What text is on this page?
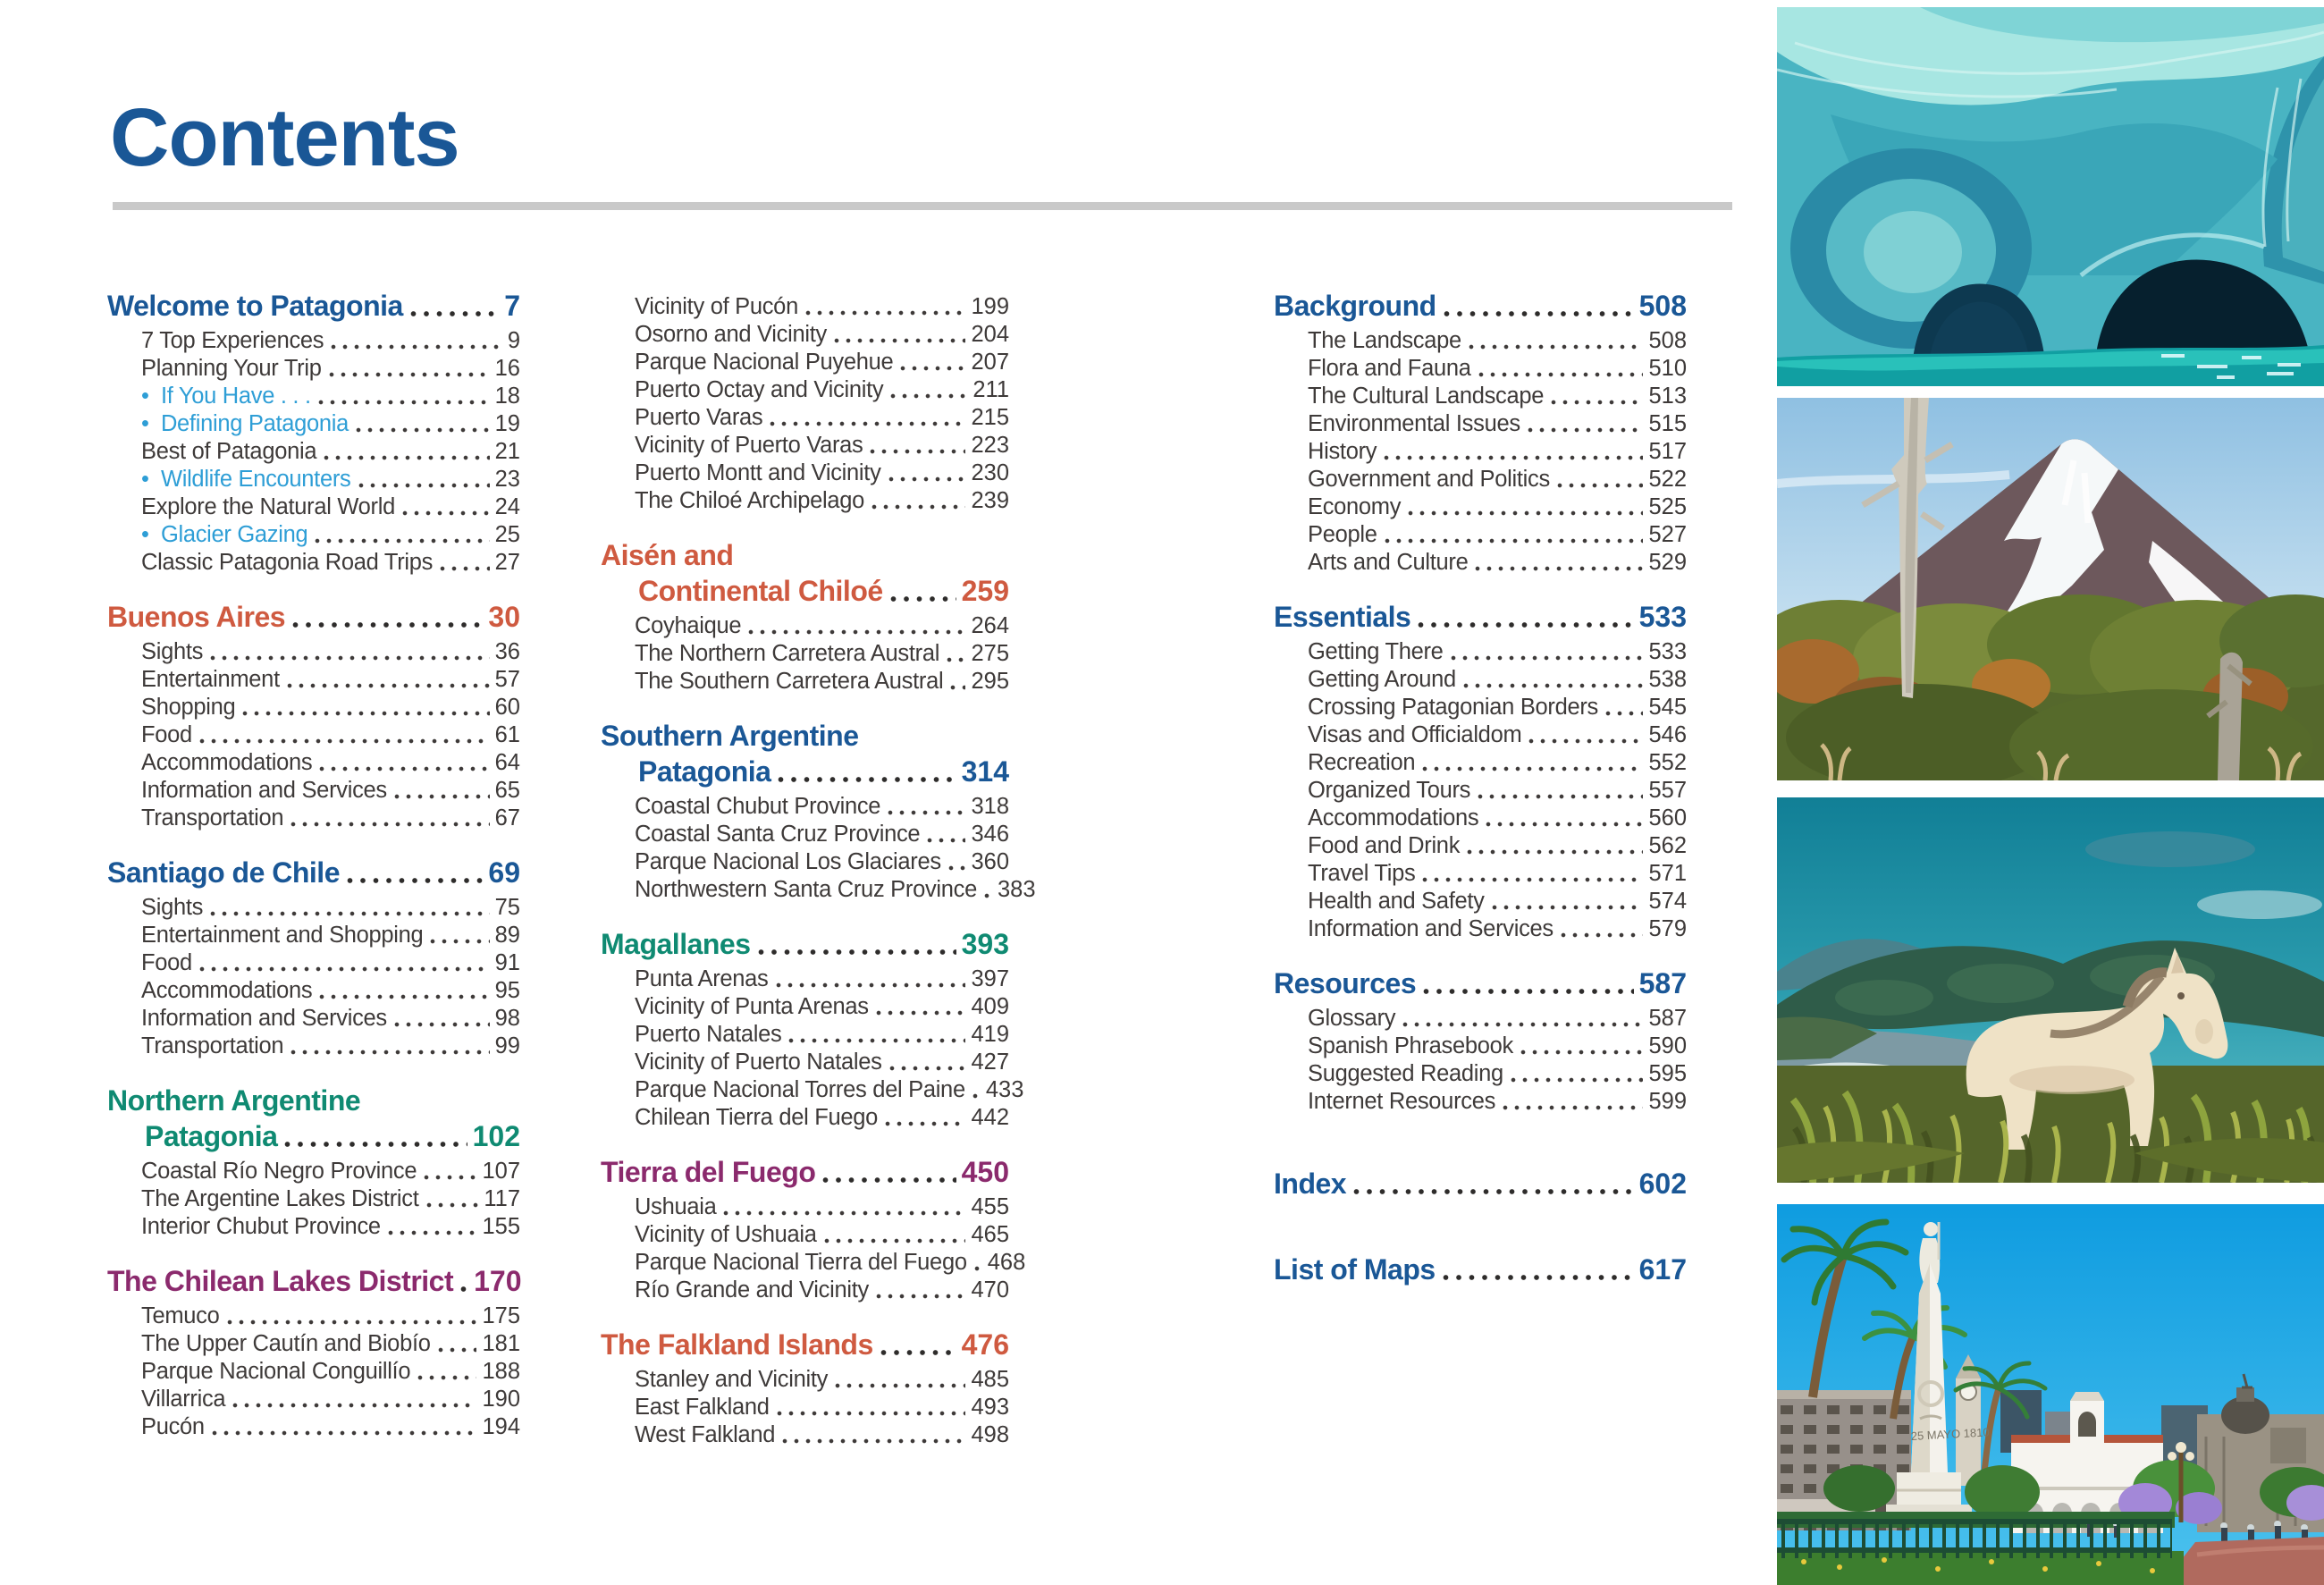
Contents
Welcome to Patagonia	7
7 Top Experiences	9
Planning Your Trip	16
• If You Have . . .	18
• Defining Patagonia	19
Best of Patagonia	21
• Wildlife Encounters	23
Explore the Natural World	24
• Glacier Gazing	25
Classic Patagonia Road Trips	27
Buenos Aires	30
Sights	36
Entertainment	57
Shopping	60
Food	61
Accommodations	64
Information and Services	65
Transportation	67
Santiago de Chile	69
Sights	75
Entertainment and Shopping	89
Food	91
Accommodations	95
Information and Services	98
Transportation	99
Northern Argentine
Patagonia	102
Coastal Río Negro Province	107
The Argentine Lakes District	117
Interior Chubut Province	155
The Chilean Lakes District 170
Temuco	175
The Upper Cautín and Biobío 181
Parque Nacional Conguillío	188
Villarrica	190
Pucón	194
Vicinity of Pucón	199
Osorno and Vicinity	204
Parque Nacional Puyehue	207
Puerto Octay and Vicinity	211
Puerto Varas	215
Vicinity of Puerto Varas	223
Puerto Montt and Vicinity	230
The Chiloé Archipelago	239
Aisén and
Continental Chiloé	259
Coyhaique	264
The Northern Carretera Austral 275
The Southern Carretera Austral 295
Southern Argentine
Patagonia	314
Coastal Chubut Province	318
Coastal Santa Cruz Province 346
Parque Nacional Los Glaciares 360
Northwestern Santa Cruz Province 383
Magallanes	393
Punta Arenas	397
Vicinity of Punta Arenas	409
Puerto Natales	419
Vicinity of Puerto Natales	427
Parque Nacional Torres del Paine 433
Chilean Tierra del Fuego	442
Tierra del Fuego	450
Ushuaia	455
Vicinity of Ushuaia	465
Parque Nacional Tierra del Fuego 468
Río Grande and Vicinity	470
The Falkland Islands	476
Stanley and Vicinity	485
East Falkland	493
West Falkland	498
Background	508
The Landscape	508
Flora and Fauna	510
The Cultural Landscape	513
Environmental Issues	515
History	517
Government and Politics	522
Economy	525
People	527
Arts and Culture	529
Essentials	533
Getting There	533
Getting Around	538
Crossing Patagonian Borders 545
Visas and Officialdom	546
Recreation	552
Organized Tours	557
Accommodations	560
Food and Drink	562
Travel Tips	571
Health and Safety	574
Information and Services	579
Resources	587
Glossary	587
Spanish Phrasebook	590
Suggested Reading	595
Internet Resources	599
Index	602
List of Maps	617
25 MAYO 1810
